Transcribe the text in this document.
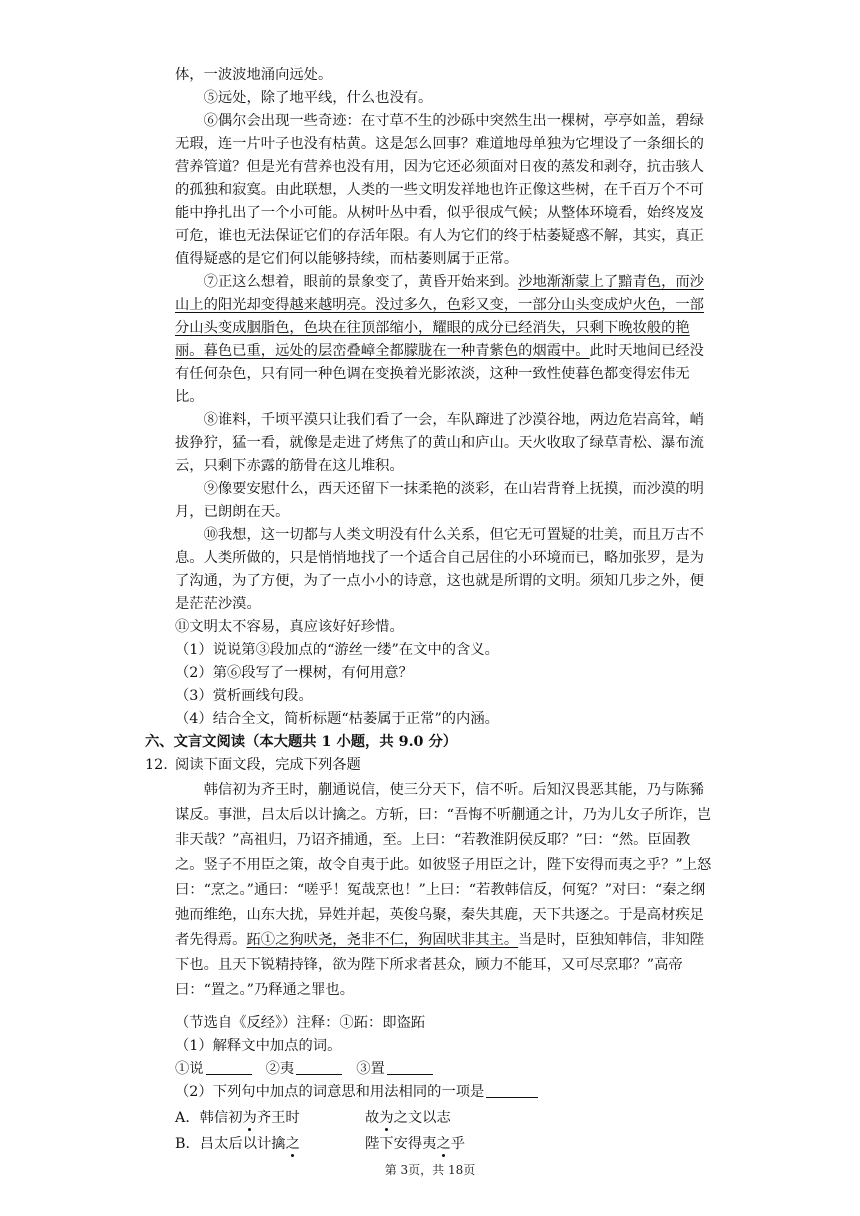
体，一波波地涌向远处。

⑤远处，除了地平线，什么也没有。

⑥偶尔会出现一些奇迹：在寸草不生的沙砾中突然生出一棵树，亭亭如盖，碧绿无瑕，连一片叶子也没有枯黄。这是怎么回事？难道地母单独为它埋设了一条细长的营养管道？但是光有营养也没有用，因为它还必须面对日夜的蒸发和剥夺，抗击骇人的孤独和寂寞。由此联想，人类的一些文明发祥地也许正像这些树，在千百万个不可能中挣扎出了一个小可能。从树叶丛中看，似乎很成气候；从整体环境看，始终岌岌可危，谁也无法保证它们的存活年限。有人为它们的终于枯萎疑惑不解，其实，真正值得疑惑的是它们何以能够持续，而枯萎则属于正常。

⑦正这么想着，眼前的景象变了，黄昏开始来到。沙地渐渐蒙上了黯青色，而沙山上的阳光却变得越来越明亮。没过多久，色彩又变，一部分山头变成炉火色，一部分山头变成胭脂色，色块在往顶部缩小，耀眼的成分已经消失，只剩下晚妆般的艳丽。暮色已重，远处的层峦叠嶂全都朦胧在一种青紫色的烟霞中。此时天地间已经没有任何杂色，只有同一种色调在变换着光影浓淡，这种一致性使暮色都变得宏伟无比。

⑧谁料，千顷平漠只让我们看了一会，车队蹿进了沙漠谷地，两边危岩高耸，峭拔狰狞，猛一看，就像是走进了烤焦了的黄山和庐山。天火收取了绿草青松、瀑布流云，只剩下赤露的筋骨在这儿堆积。

⑨像要安慰什么，西天还留下一抹柔艳的淡彩，在山岩背脊上抚摸，而沙漠的明月，已朗朗在天。

⑩我想，这一切都与人类文明没有什么关系，但它无可置疑的壮美，而且万古不息。人类所做的，只是悄悄地找了一个适合自己居住的小环境而已，略加张罗，是为了沟通，为了方便，为了一点小小的诗意，这也就是所谓的文明。须知几步之外，便是茫茫沙漠。

⑪文明太不容易，真应该好好珍惜。

（1）说说第③段加点的“游丝一缕”在文中的含义。

（2）第⑥段写了一棵树，有何用意？

（3）赏析画线句段。

（4）结合全文，简析标题“枯萎属于正常”的内涵。

六、文言文阅读（本大题共 1 小题，共 9.0 分）

12. 阅读下面文段，完成下列各题

韩信初为齐王时，蒯通说信，使三分天下，信不听。后知汉畏恶其能，乃与陈豨谋反。事泄，吕太后以计擒之。方斩，曰：“吾悔不听蒯通之计，乃为儿女子所诈，岂非天哉？”高祖归，乃诏齐捕通，至。上曰：“若教淮阴侯反耶？”曰：“然。臣固教之。竖子不用臣之策，故令自夷于此。如彼竖子用臣之计，陛下安得而夷之乎？”上怒曰：“烹之。”通曰：“嗟乎！冤哉烹也！”上曰：“若教韩信反，何冤？”对曰：“秦之纲弛而维绝，山东大扰，异姓并起，英俊乌聚，秦失其鹿，天下共逐之。于是高材疾足者先得焉。跖①之狗吠尧，尧非不仁，狗固吠非其主。当是时，臣独知韩信，非知陛下也。且天下锐精持锋，欲为陛下所求者甚众，顾力不能耳，又可尽烹耶？”高帝曰：“置之。”乃释通之罪也。

（节选自《反经》）注释：①跖：即盗跖

（1）解释文中加点的词。

①说	②夷	③置

（2）下列句中加点的词意思和用法相同的一项是

A．韩信初为齐王时	故为之文以志

B．吕太后以计擒之	陛下安得夷之乎

第 3页，共 18页
